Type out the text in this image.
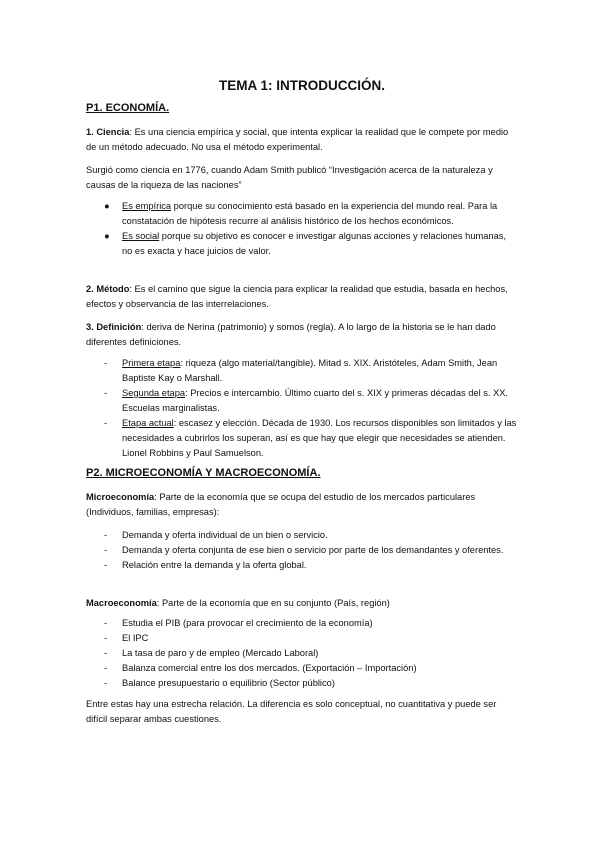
TEMA 1: INTRODUCCIÓN.
P1. ECONOMÍA.
1. Ciencia: Es una ciencia empírica y social, que intenta explicar la realidad que le compete por medio de un método adecuado. No usa el método experimental.
Surgió como ciencia en 1776, cuando Adam Smith publicó “Investigación acerca de la naturaleza y causas de la riqueza de las naciones”
● Es empírica porque su conocimiento está basado en la experiencia del mundo real. Para la constatación de hipótesis recurre al análisis histórico de los hechos económicos.
● Es social porque su objetivo es conocer e investigar algunas acciones y relaciones humanas, no es exacta y hace juicios de valor.
2. Método: Es el camino que sigue la ciencia para explicar la realidad que estudia, basada en hechos, efectos y observancia de las interrelaciones.
3. Definición: deriva de Nerina (patrimonio) y somos (regla). A lo largo de la historia se le han dado diferentes definiciones.
- Primera etapa: riqueza (algo material/tangible). Mitad s. XIX. Aristóteles, Adam Smith, Jean Baptiste Kay o Marshall.
- Segunda etapa: Precios e intercambio. Último cuarto del s. XIX y primeras décadas del s. XX. Escuelas marginalistas.
- Etapa actual: escasez y elección. Década de 1930. Los recursos disponibles son limitados y las necesidades a cubrirlos los superan, así es que hay que elegir que necesidades se atienden. Lionel Robbins y Paul Samuelson.
P2. MICROECONOMÍA Y MACROECONOMÍA.
Microeconomía: Parte de la economía que se ocupa del estudio de los mercados particulares (Individuos, familias, empresas):
- Demanda y oferta individual de un bien o servicio.
- Demanda y oferta conjunta de ese bien o servicio por parte de los demandantes y oferentes.
- Relación entre la demanda y la oferta global.
Macroeconomía: Parte de la economía que en su conjunto (País, región)
- Estudia el PIB (para provocar el crecimiento de la economía)
- El IPC
- La tasa de paro y de empleo (Mercado Laboral)
- Balanza comercial entre los dos mercados. (Exportación – Importación)
- Balance presupuestario o equilibrio (Sector público)
Entre estas hay una estrecha relación. La diferencia es solo conceptual, no cuantitativa y puede ser difícil separar ambas cuestiones.
